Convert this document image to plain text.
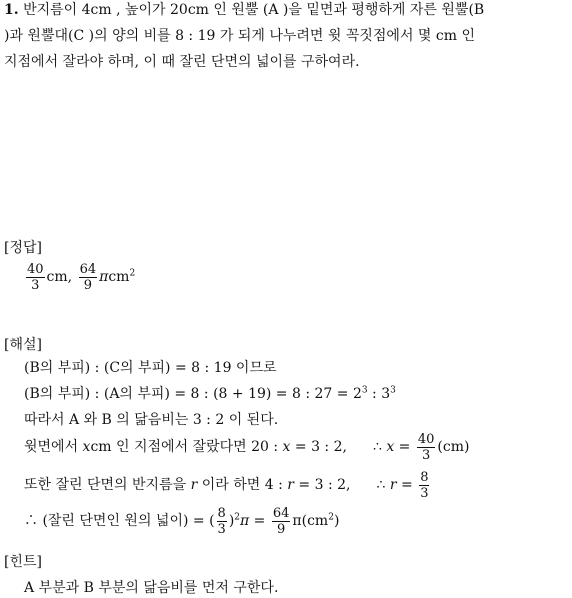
1. 반지름이 4cm , 높이가 20cm 인 원뿔 (A )을 밑면과 평행하게 자른 원뿔(B
)과 원뿔대(C )의 양의 비를 8 : 19 가 되게 나누려면 윗 꼭짓점에서 몇 cm 인
지점에서 잘라야 하며, 이 때 잘린 단면의 넓이를 구하여라.
[정답]
$\frac{40}{3}$ cm, $\frac{64}{9} \pi cm^2$
[해설]
(B의 부피) : (C의 부피) = 8 : 19 이므로
(B의 부피) : (A의 부피) = 8 : (8 + 19) = 8 : $27 = 2^3$ : $3^3$
따라서 A 와 B 의 닮음비는 3 : 2 이 된다.
윗면에서 xcm 인 지점에서 잘랐다면 20 : x = 3 : 2, ∴ $x = \frac{40}{3} (cm)$
또한 잘린 단면의 반지름을 r 이라 하면 4 : r = 3 : 2, ∴ $r = \frac{8}{3}$
∴ (잘린 단면인 원의 넓이) = ( $\frac{8}{3} )^2\pi = \frac{64}{9} \pi(cm^2)$
[힌트]
A 부분과 B 부분의 닮음비를 먼저 구한다.
